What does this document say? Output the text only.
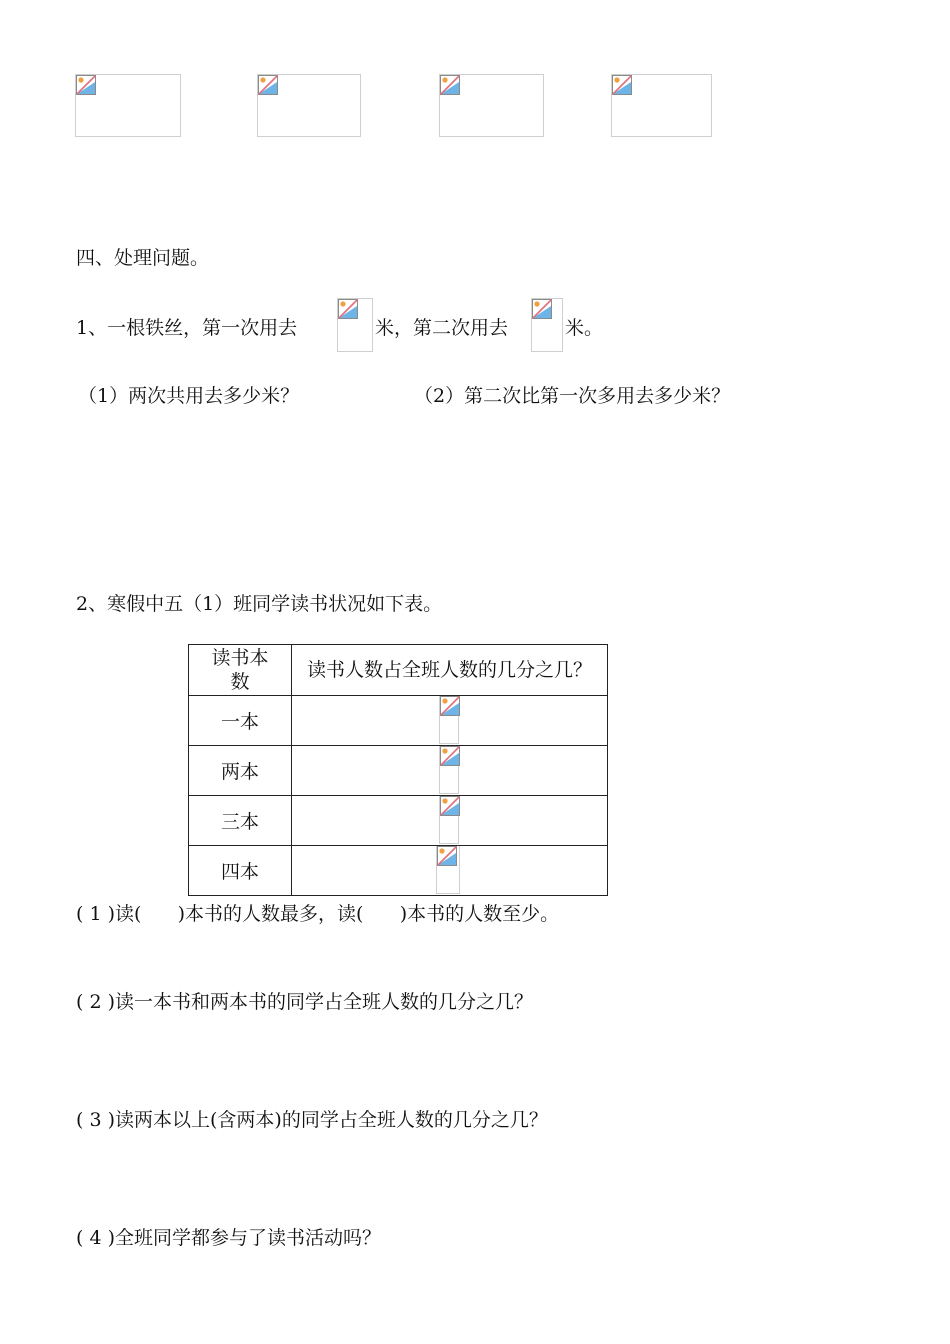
四、处理问题。
1、一根铁丝，第一次用去	米，第二次用去	米。
（1）两次共用去多少米？	（2）第二次比第一次多用去多少米？
2、寒假中五（1）班同学读书状况如下表。
读书本数	读书人数占全班人数的几分之几？
一本	

两本	

三本	

四本	
( 1 )读(      )本书的人数最多，读(      )本书的人数至少。
( 2 )读一本书和两本书的同学占全班人数的几分之几？
( 3 )读两本以上(含两本)的同学占全班人数的几分之几？
( 4 )全班同学都参与了读书活动吗？
